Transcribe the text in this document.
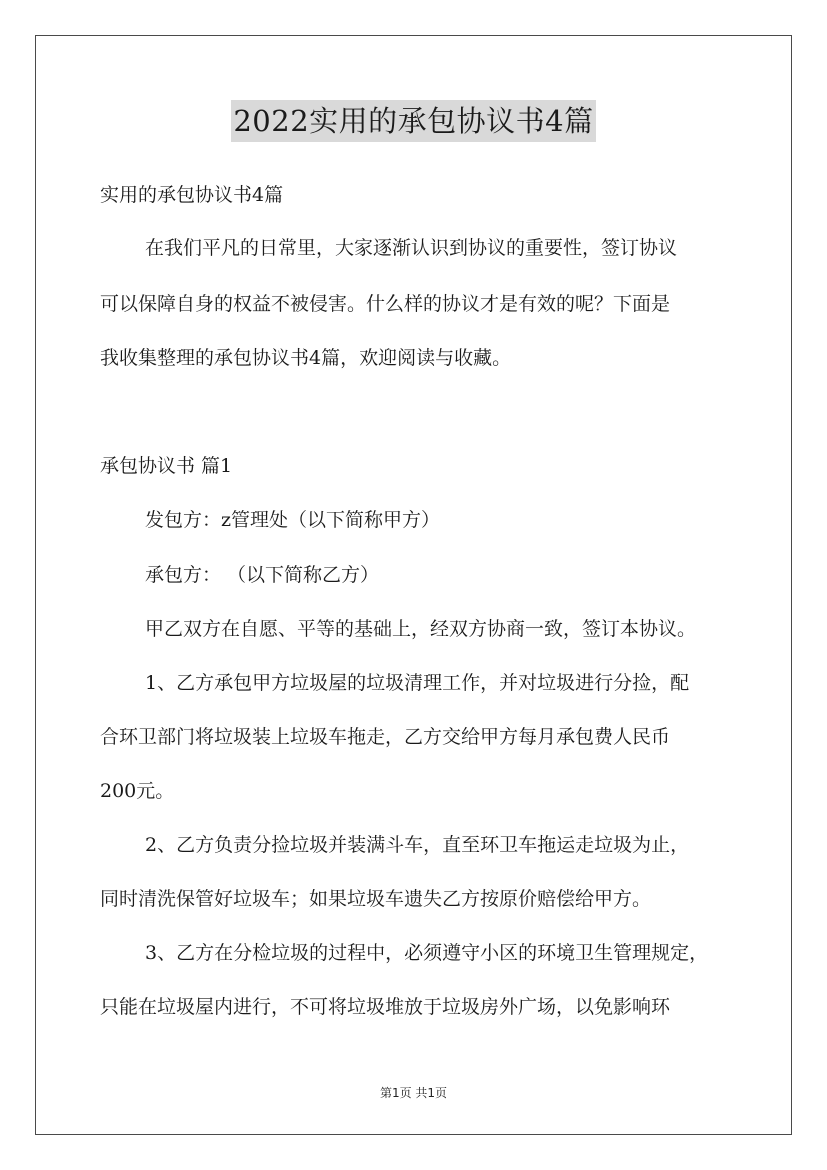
2022实用的承包协议书4篇

实用的承包协议书4篇

在我们平凡的日常里，大家逐渐认识到协议的重要性，签订协议

可以保障自身的权益不被侵害。什么样的协议才是有效的呢？下面是

我收集整理的承包协议书4篇，欢迎阅读与收藏。

承包协议书 篇1

发包方：z管理处（以下简称甲方）

承包方： （以下简称乙方）

甲乙双方在自愿、平等的基础上，经双方协商一致，签订本协议。

1、乙方承包甲方垃圾屋的垃圾清理工作，并对垃圾进行分捡，配

合环卫部门将垃圾装上垃圾车拖走，乙方交给甲方每月承包费人民币

200元。

2、乙方负责分捡垃圾并装满斗车，直至环卫车拖运走垃圾为止，

同时清洗保管好垃圾车；如果垃圾车遗失乙方按原价赔偿给甲方。

3、乙方在分检垃圾的过程中，必须遵守小区的环境卫生管理规定，

只能在垃圾屋内进行，不可将垃圾堆放于垃圾房外广场，以免影响环

第1页 共1页
